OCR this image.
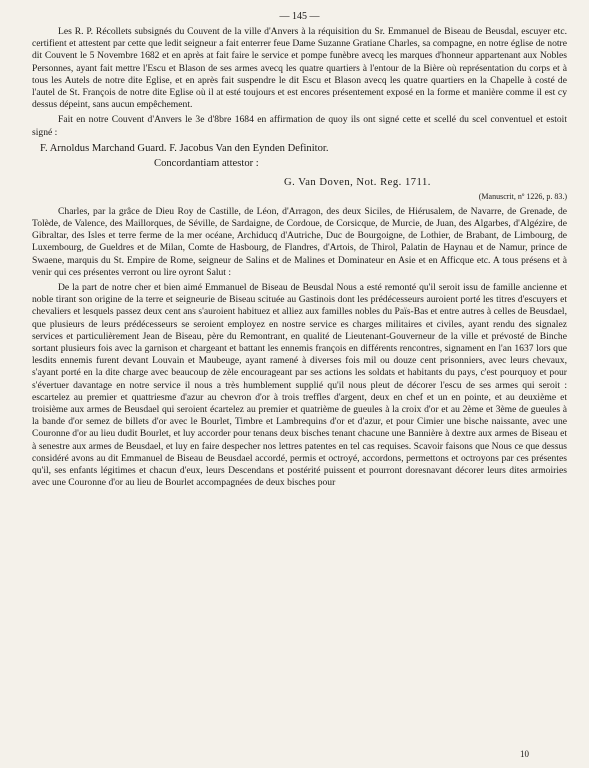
— 145 —

Les R. P. Récollets subsignés du Couvent de la ville d'Anvers à la réquisition du Sr. Emmanuel de Biseau de Beusdal, escuyer etc. certifient et attestent par cette que ledit seigneur a fait enterrer feue Dame Suzanne Gratiane Charles, sa compagne, en notre église de notre dit Couvent le 5 Novembre 1682 et en après at fait faire le service et pompe funèbre avecq les marques d'honneur appartenant aux Nobles Personnes, ayant fait mettre l'Escu et Blason de ses armes avecq les quatre quartiers à l'entour de la Bière où représentation du corps et à tous les Autels de notre dite Eglise, et en après fait suspendre le dit Escu et Blason avecq les quatre quartiers en la Chapelle à costé de l'autel de St. François de notre dite Eglise où il at esté toujours et est encores présentement exposé en la forme et manière comme il est cy dessus dépeint, sans aucun empêchement.

Fait en notre Couvent d'Anvers le 3e d'8bre 1684 en affirmation de quoy ils ont signé cette et scellé du scel conventuel et estoit signé :

F. Arnoldus Marchand Guard. F. Jacobus Van den Eynden Definitor.
Concordantiam attestor :
G. Van Doven, Not. Reg. 1711.
(Manuscrit, nº 1226, p. 83.)

Charles, par la grâce de Dieu Roy de Castille, de Léon, d'Arragon, des deux Siciles, de Hiérusalem, de Navarre, de Grenade, de Tolède, de Valence, des Maillorques, de Séville, de Sardaigne, de Cordoue, de Corsicque, de Murcie, de Juan, des Algarbes, d'Algézire, de Gibraltar, des Isles et terre ferme de la mer océane, Archiducq d'Autriche, Duc de Bourgoigne, de Lothier, de Brabant, de Limbourg, de Luxembourg, de Gueldres et de Milan, Comte de Hasbourg, de Flandres, d'Artois, de Thirol, Palatin de Haynau et de Namur, prince de Swaene, marquis du St. Empire de Rome, seigneur de Salins et de Malines et Dominateur en Asie et en Afficque etc. A tous présens et à venir qui ces présentes verront ou lire oyront Salut :

De la part de notre cher et bien aimé Emmanuel de Biseau de Beusdal Nous a esté remonté qu'il seroit issu de famille ancienne et noble tirant son origine de la terre et seigneurie de Biseau scituée au Gastinois dont les prédécesseurs auroient porté les titres d'escuyers et chevaliers et lesquels passez deux cent ans s'auroient habituez et alliez aux familles nobles du Païs-Bas et entre autres à celles de Beusdael, que plusieurs de leurs prédécesseurs se seroient employez en nostre service es charges militaires et civiles, ayant rendu des signalez services et particulièrement Jean de Biseau, père du Remontrant, en qualité de Lieutenant-Gouverneur de la ville et prévosté de Binche sortant plusieurs fois avec la garnison et chargeant et battant les ennemis françois en différents rencontres, signament en l'an 1637 lors que lesdits ennemis furent devant Louvain et Maubeuge, ayant ramené à diverses fois mil ou douze cent prisonniers, avec leurs chevaux, s'ayant porté en la dite charge avec beaucoup de zèle encourageant par ses actions les soldats et habitants du pays, c'est pourquoy et pour s'évertuer davantage en notre service il nous a très humblement supplié qu'il nous pleut de décorer l'escu de ses armes qui seroit : escartelez au premier et quattriesme d'azur au chevron d'or à trois treffles d'argent, deux en chef et un en pointe, et au deuxième et troisième aux armes de Beusdael qui seroient écartelez au premier et quatrième de gueules à la croix d'or et au 2ème et 3ème de gueules à la bande d'or semez de billets d'or avec le Bourlet, Timbre et Lambrequins d'or et d'azur, et pour Cimier une bische naissante, avec une Couronne d'or au lieu dudit Bourlet, et luy accorder pour tenans deux bisches tenant chacune une Bannière à dextre aux armes de Biseau et à senestre aux armes de Beusdael, et luy en faire despecher nos lettres patentes en tel cas requises. Scavoir faisons que Nous ce que dessus considéré avons au dit Emmanuel de Biseau de Beusdael accordé, permis et octroyé, accordons, permettons et octroyons par ces présentes qu'il, ses enfants légitimes et chacun d'eux, leurs Descendans et postérité puissent et pourront doresnavant décorer leurs dites armoiries avec une Couronne d'or au lieu de Bourlet accompagnées de deux bisches pour

10
